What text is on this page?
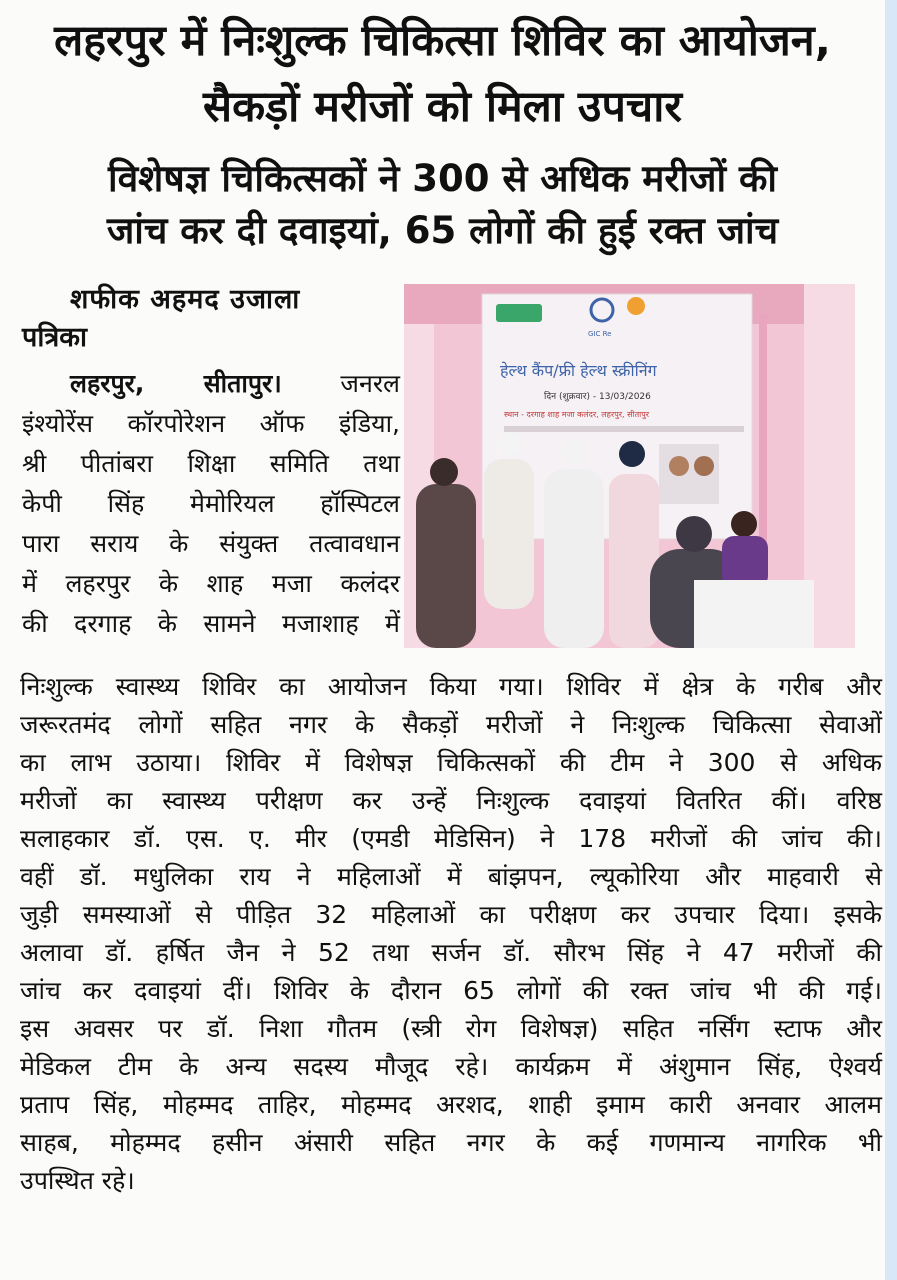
लहरपुर में निःशुल्क चिकित्सा शिविर का आयोजन,
सैकड़ों मरीजों को मिला उपचार
विशेषज्ञ चिकित्सकों ने 300 से अधिक मरीजों की
जांच कर दी दवाइयां, 65 लोगों की हुई रक्त जांच
शफीक अहमद उजाला
पत्रिका
लहरपुर, सीतापुर। जनरल
इंश्योरेंस कॉरपोरेशन ऑफ इंडिया,
श्री पीतांबरा शिक्षा समिति तथा
केपी सिंह मेमोरियल हॉस्पिटल
पारा सराय के संयुक्त तत्वावधान
में लहरपुर के शाह मजा कलंदर
की दरगाह के सामने मजाशाह में
GIC Re
हेल्थ कैंप/फ्री हेल्थ स्क्रीनिंग
दिन (शुक्रवार) - 13/03/2026
स्थान - दरगाह शाह मजा कलंदर, लहरपुर, सीतापुर
निःशुल्क स्वास्थ्य शिविर का आयोजन किया गया। शिविर में क्षेत्र के गरीब और
जरूरतमंद लोगों सहित नगर के सैकड़ों मरीजों ने निःशुल्क चिकित्सा सेवाओं
का लाभ उठाया। शिविर में विशेषज्ञ चिकित्सकों की टीम ने 300 से अधिक
मरीजों का स्वास्थ्य परीक्षण कर उन्हें निःशुल्क दवाइयां वितरित कीं। वरिष्ठ
सलाहकार डॉ. एस. ए. मीर (एमडी मेडिसिन) ने 178 मरीजों की जांच की।
वहीं डॉ. मधुलिका राय ने महिलाओं में बांझपन, ल्यूकोरिया और माहवारी से
जुड़ी समस्याओं से पीड़ित 32 महिलाओं का परीक्षण कर उपचार दिया। इसके
अलावा डॉ. हर्षित जैन ने 52 तथा सर्जन डॉ. सौरभ सिंह ने 47 मरीजों की
जांच कर दवाइयां दीं। शिविर के दौरान 65 लोगों की रक्त जांच भी की गई।
इस अवसर पर डॉ. निशा गौतम (स्त्री रोग विशेषज्ञ) सहित नर्सिंग स्टाफ और
मेडिकल टीम के अन्य सदस्य मौजूद रहे। कार्यक्रम में अंशुमान सिंह, ऐश्वर्य
प्रताप सिंह, मोहम्मद ताहिर, मोहम्मद अरशद, शाही इमाम कारी अनवार आलम
साहब, मोहम्मद हसीन अंसारी सहित नगर के कई गणमान्य नागरिक भी
उपस्थित रहे।
